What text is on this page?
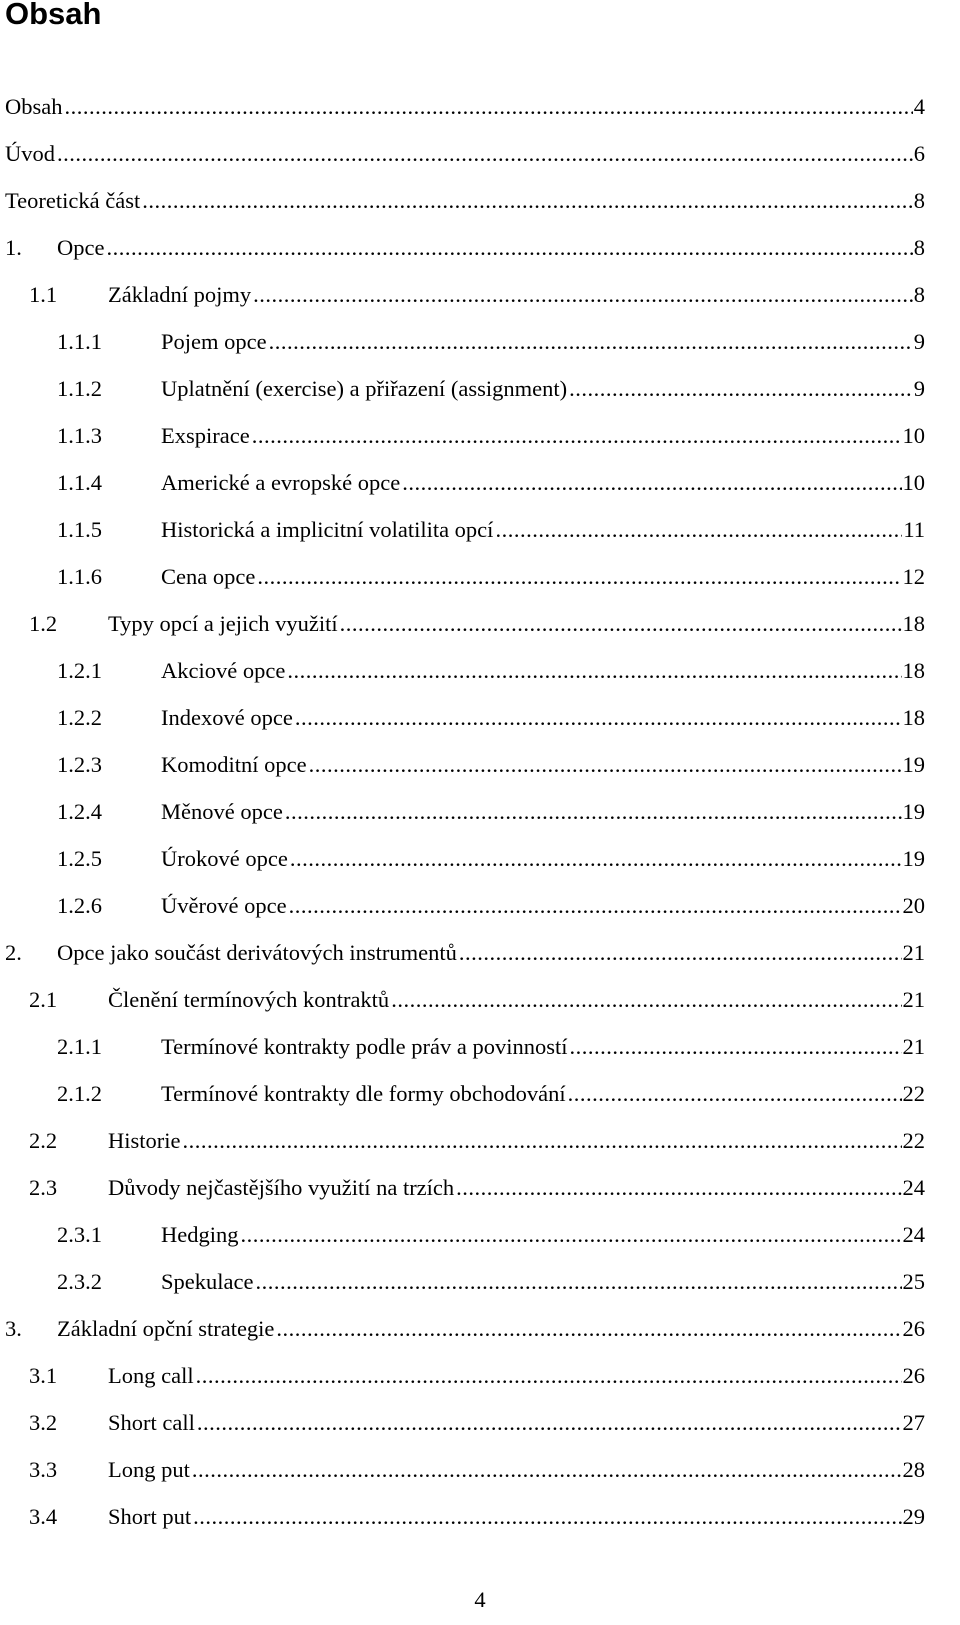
Obsah
Obsah .....	4
Úvod .....	6
Teoretická část .....	8
1. Opce .....	8
1.1 Základní pojmy .....	8
1.1.1	Pojem opce .....	9
1.1.2	Uplatnění (exercise) a přiřazení (assignment) .....	9
1.1.3	Exspirace .....	10
1.1.4	Americké a evropské opce .....	10
1.1.5	Historická a implicitní volatilita opcí .....	11
1.1.6	Cena opce .....	12
1.2 Typy opcí a jejich využití .....	18
1.2.1	Akciové opce .....	18
1.2.2	Indexové opce .....	18
1.2.3	Komoditní opce .....	19
1.2.4	Měnové opce .....	19
1.2.5	Úrokové opce .....	19
1.2.6	Úvěrové opce .....	20
2. Opce jako součást derivátových instrumentů .....	21
2.1 Členění termínových kontraktů .....	21
2.1.1	Termínové kontrakty podle práv a povinností .....	21
2.1.2	Termínové kontrakty dle formy obchodování .....	22
2.2 Historie .....	22
2.3 Důvody nejčastějšího využití na trzích .....	24
2.3.1	Hedging .....	24
2.3.2	Spekulace .....	25
3. Základní opční strategie .....	26
3.1 Long call .....	26
3.2 Short call .....	27
3.3 Long put .....	28
3.4 Short put .....	29
4
